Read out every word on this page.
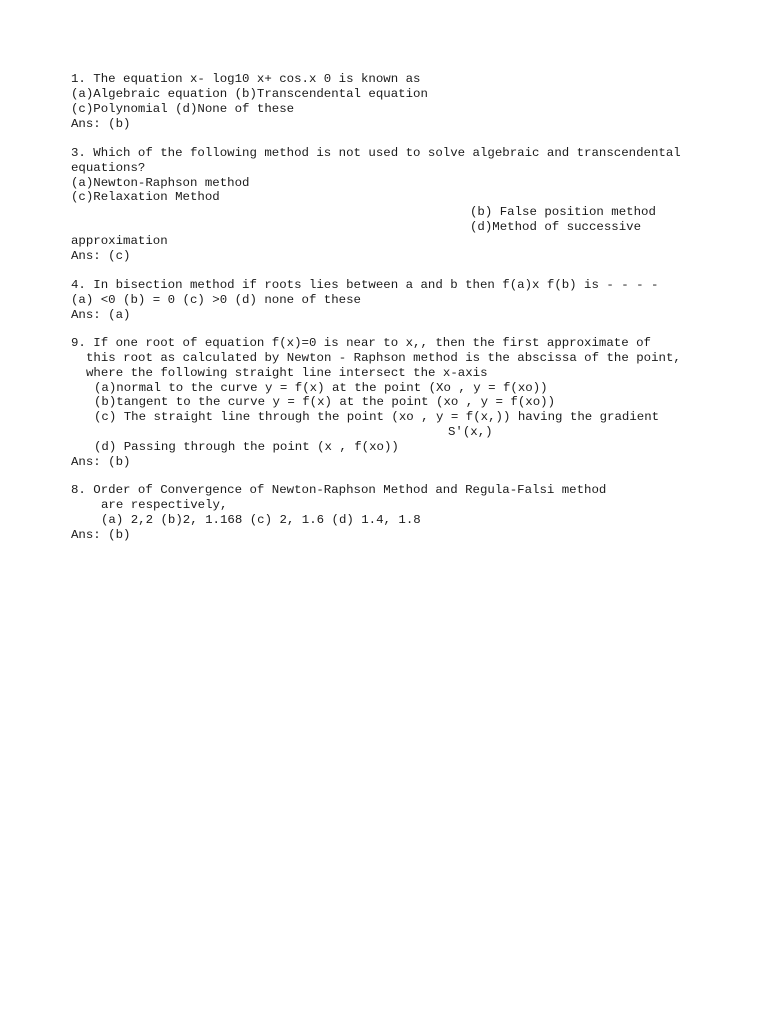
1. The equation x- log10 x+ cos.x 0 is known as
(a)Algebraic equation (b)Transcendental equation
(c)Polynomial (d)None of these
Ans: (b)
3. Which of the following method is not used to solve algebraic and transcendental
equations?
(a)Newton-Raphson method
(c)Relaxation Method
(b) False position method
(d)Method of successive
approximation
Ans: (c)
4. In bisection method if roots lies between a and b then f(a)x f(b) is - - - -
(a) <0 (b) = 0 (c) >0 (d) none of these
Ans: (a)
9. If one root of equation f(x)=0 is near to x,, then the first approximate of
this root as calculated by Newton - Raphson method is the abscissa of the point,
where the following straight line intersect the x-axis
(a)normal to the curve y = f(x) at the point (Xo , y = f(xo))
(b)tangent to the curve y = f(x) at the point (xo , y = f(xo))
(c) The straight line through the point (xo , y = f(x,)) having the gradient
S'(x,)
(d) Passing through the point (x , f(xo))
Ans: (b)
8. Order of Convergence of Newton-Raphson Method and Regula-Falsi method
are respectively,
(a) 2,2 (b)2, 1.168 (c) 2, 1.6 (d) 1.4, 1.8
Ans: (b)
